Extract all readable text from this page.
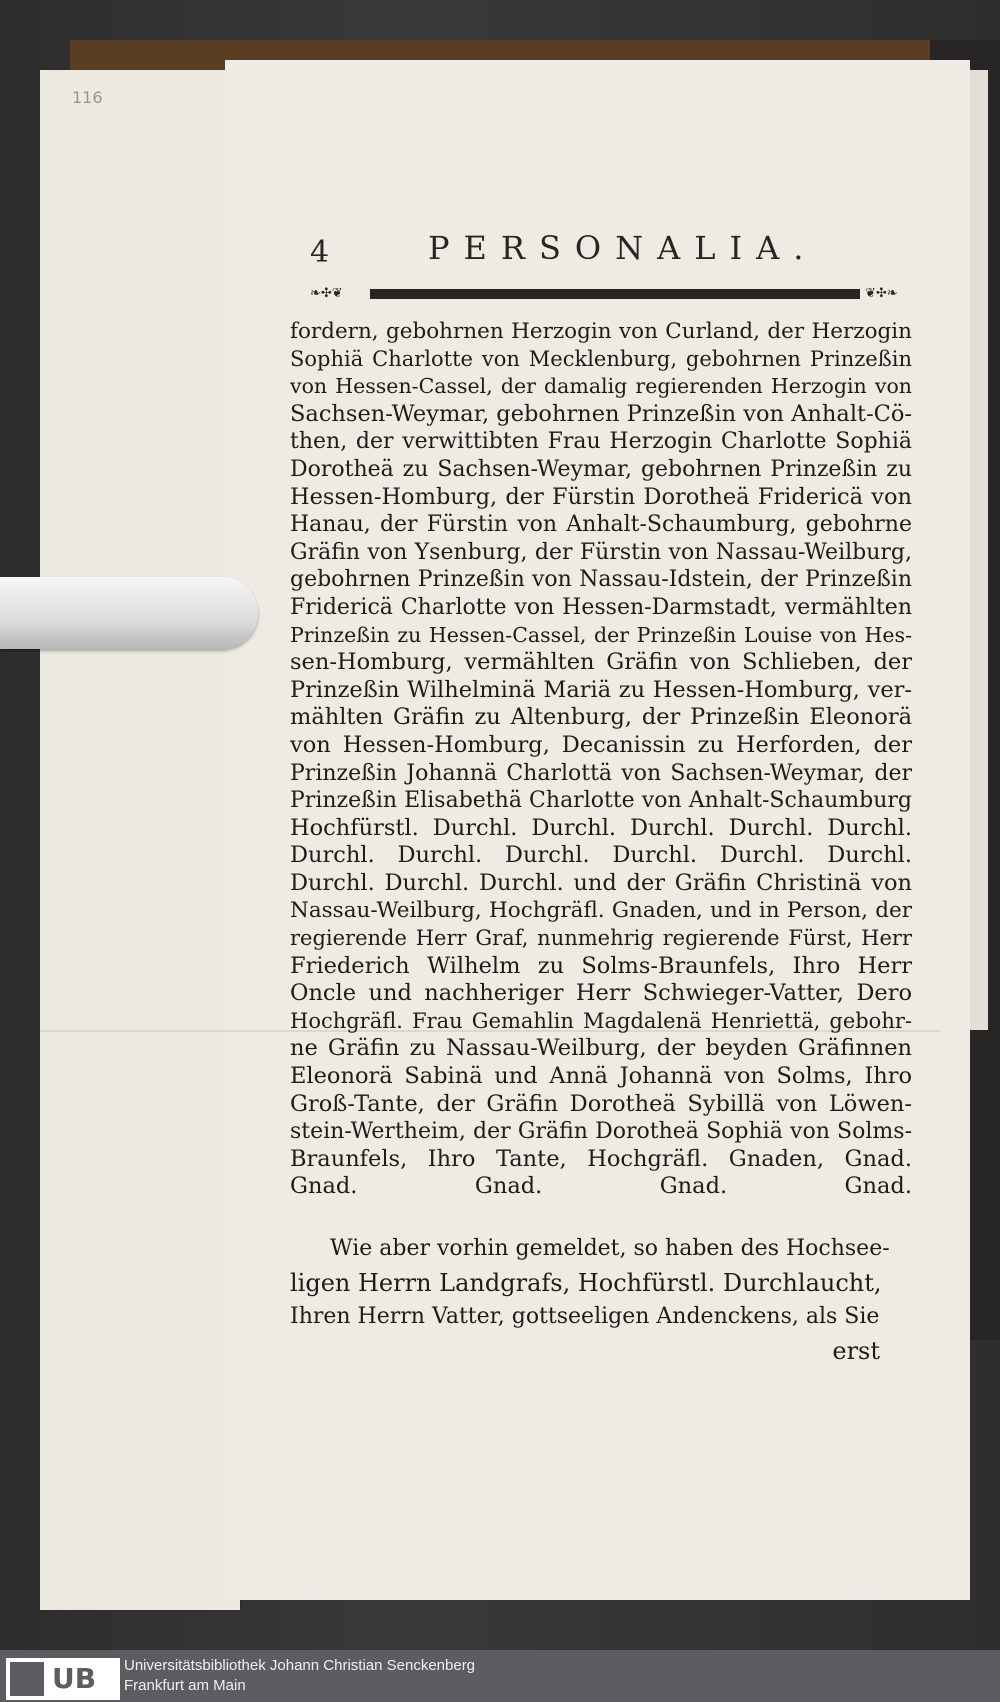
116
4	PERSONALIA.
❧✣❦	❦✣❧
fordern, gebohrnen Herzogin von Curland, der Herzogin
Sophiä Charlotte von Mecklenburg, gebohrnen Prinzeßin
von Hessen-Cassel, der damalig regierenden Herzogin von
Sachsen-Weymar, gebohrnen Prinzeßin von Anhalt-Cö-
then, der verwittibten Frau Herzogin Charlotte Sophiä
Dorotheä zu Sachsen-Weymar, gebohrnen Prinzeßin zu
Hessen-Homburg, der Fürstin Dorotheä Fridericä von
Hanau, der Fürstin von Anhalt-Schaumburg, gebohrne
Gräfin von Ysenburg, der Fürstin von Nassau-Weilburg,
gebohrnen Prinzeßin von Nassau-Idstein, der Prinzeßin
Fridericä Charlotte von Hessen-Darmstadt, vermählten
Prinzeßin zu Hessen-Cassel, der Prinzeßin Louise von Hes-
sen-Homburg, vermählten Gräfin von Schlieben, der
Prinzeßin Wilhelminä Mariä zu Hessen-Homburg, ver-
mählten Gräfin zu Altenburg, der Prinzeßin Eleonorä
von Hessen-Homburg, Decanissin zu Herforden, der
Prinzeßin Johannä Charlottä von Sachsen-Weymar, der
Prinzeßin Elisabethä Charlotte von Anhalt-Schaumburg
Hochfürstl. Durchl. Durchl. Durchl. Durchl. Durchl.
Durchl. Durchl. Durchl. Durchl. Durchl. Durchl.
Durchl. Durchl. Durchl. und der Gräfin Christinä von
Nassau-Weilburg, Hochgräfl. Gnaden, und in Person, der
regierende Herr Graf, nunmehrig regierende Fürst, Herr
Friederich Wilhelm zu Solms-Braunfels, Ihro Herr
Oncle und nachheriger Herr Schwieger-Vatter, Dero
Hochgräfl. Frau Gemahlin Magdalenä Henriettä, gebohr-
ne Gräfin zu Nassau-Weilburg, der beyden Gräfinnen
Eleonorä Sabinä und Annä Johannä von Solms, Ihro
Groß-Tante, der Gräfin Dorotheä Sybillä von Löwen-
stein-Wertheim, der Gräfin Dorotheä Sophiä von Solms-
Braunfels, Ihro Tante, Hochgräfl. Gnaden, Gnad.
Gnad. Gnad. Gnad. Gnad.
Wie aber vorhin gemeldet, so haben des Hochsee-
ligen Herrn Landgrafs, Hochfürstl. Durchlaucht,
Ihren Herrn Vatter, gottseeligen Andenckens, als Sie
erst
UB Universitätsbibliothek Johann Christian Senckenberg
Frankfurt am Main
